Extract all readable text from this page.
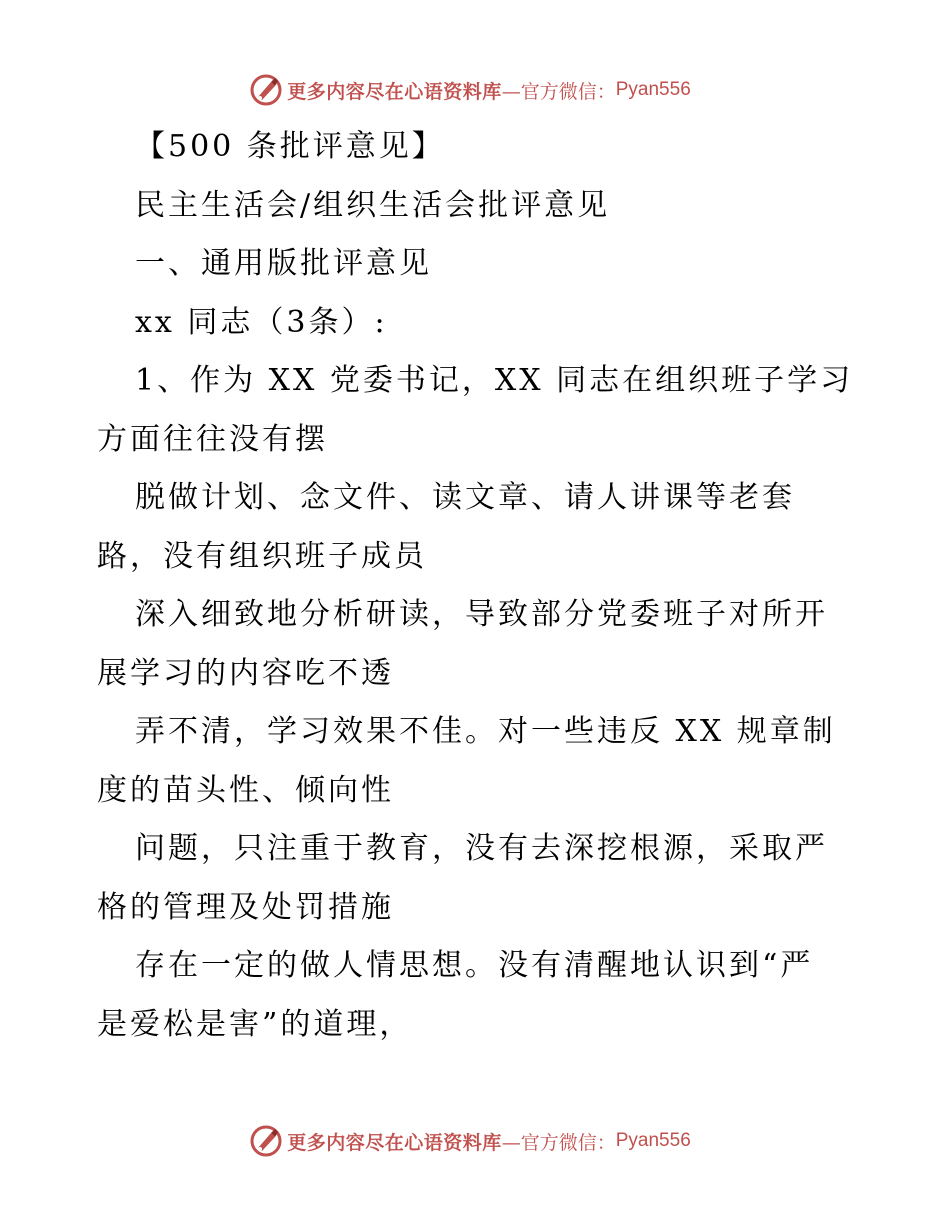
更多内容尽在心语资料库 —官方微信： Pyan556
【500 条批评意见】
民主生活会/组织生活会批评意见
一、通用版批评意见
xx 同志（3条）:
1、作为 XX 党委书记，XX 同志在组织班子学习
方面往往没有摆
脱做计划、念文件、读文章、请人讲课等老套
路，没有组织班子成员
深入细致地分析研读，导致部分党委班子对所开
展学习的内容吃不透
弄不清，学习效果不佳。对一些违反 XX 规章制
度的苗头性、倾向性
问题，只注重于教育，没有去深挖根源，采取严
格的管理及处罚措施
存在一定的做人情思想。没有清醒地认识到“严
是爱松是害”的道理，
更多内容尽在心语资料库 —官方微信： Pyan556
